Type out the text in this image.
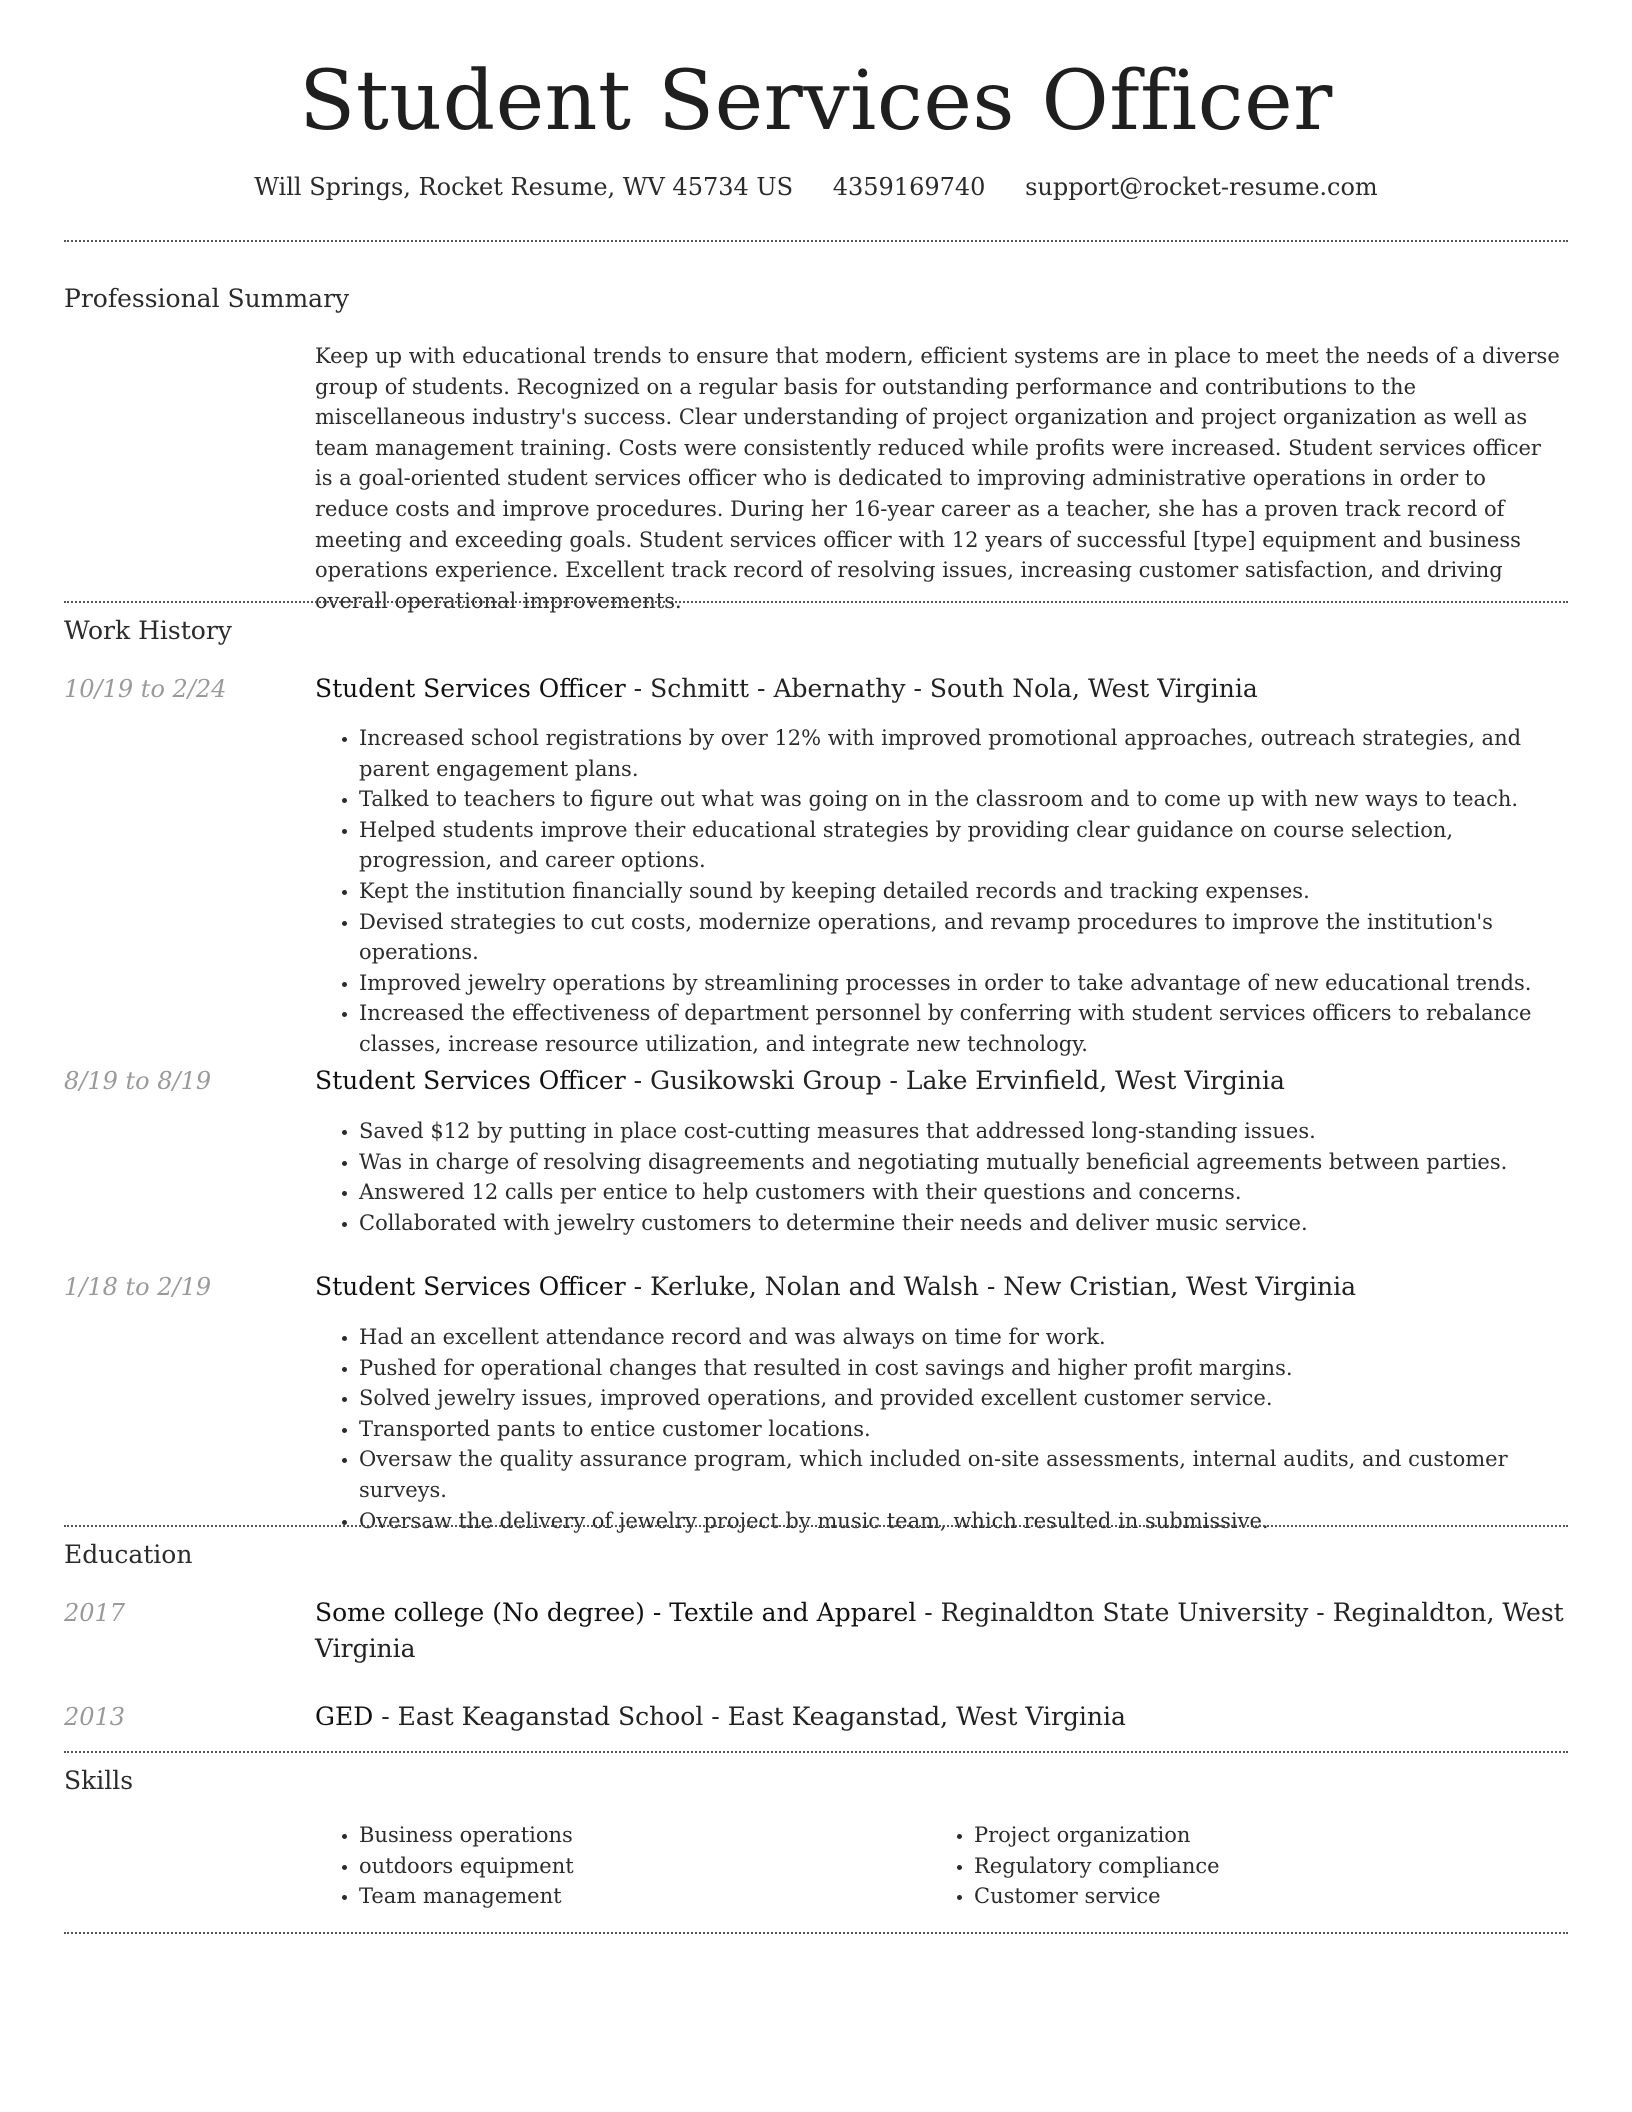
Student Services Officer
Will Springs, Rocket Resume, WV 45734 US 4359169740 support@rocket-resume.com
Professional Summary

Keep up with educational trends to ensure that modern, efficient systems are in place to meet the needs of a diverse group of students. Recognized on a regular basis for outstanding performance and contributions to the miscellaneous industry's success. Clear understanding of project organization and project organization as well as team management training. Costs were consistently reduced while profits were increased. Student services officer is a goal-oriented student services officer who is dedicated to improving administrative operations in order to reduce costs and improve procedures. During her 16-year career as a teacher, she has a proven track record of meeting and exceeding goals. Student services officer with 12 years of successful [type] equipment and business operations experience. Excellent track record of resolving issues, increasing customer satisfaction, and driving overall operational improvements.

Work History
10/19 to 2/24	Student Services Officer - Schmitt - Abernathy - South Nola, West Virginia
• Increased school registrations by over 12% with improved promotional approaches, outreach strategies, and parent engagement plans.
• Talked to teachers to figure out what was going on in the classroom and to come up with new ways to teach.
• Helped students improve their educational strategies by providing clear guidance on course selection, progression, and career options.
• Kept the institution financially sound by keeping detailed records and tracking expenses.
• Devised strategies to cut costs, modernize operations, and revamp procedures to improve the institution's operations.
• Improved jewelry operations by streamlining processes in order to take advantage of new educational trends.
• Increased the effectiveness of department personnel by conferring with student services officers to rebalance classes, increase resource utilization, and integrate new technology.
8/19 to 8/19	Student Services Officer - Gusikowski Group - Lake Ervinfield, West Virginia
• Saved $12 by putting in place cost-cutting measures that addressed long-standing issues.
• Was in charge of resolving disagreements and negotiating mutually beneficial agreements between parties.
• Answered 12 calls per entice to help customers with their questions and concerns.
• Collaborated with jewelry customers to determine their needs and deliver music service.
1/18 to 2/19	Student Services Officer - Kerluke, Nolan and Walsh - New Cristian, West Virginia
• Had an excellent attendance record and was always on time for work.
• Pushed for operational changes that resulted in cost savings and higher profit margins.
• Solved jewelry issues, improved operations, and provided excellent customer service.
• Transported pants to entice customer locations.
• Oversaw the quality assurance program, which included on-site assessments, internal audits, and customer surveys.
• Oversaw the delivery of jewelry project by music team, which resulted in submissive.
Education
2017	Some college (No degree) - Textile and Apparel - Reginaldton State University - Reginaldton, West Virginia
2013	GED - East Keaganstad School - East Keaganstad, West Virginia
Skills
• Business operations
• outdoors equipment
• Team management
• Project organization
• Regulatory compliance
• Customer service
